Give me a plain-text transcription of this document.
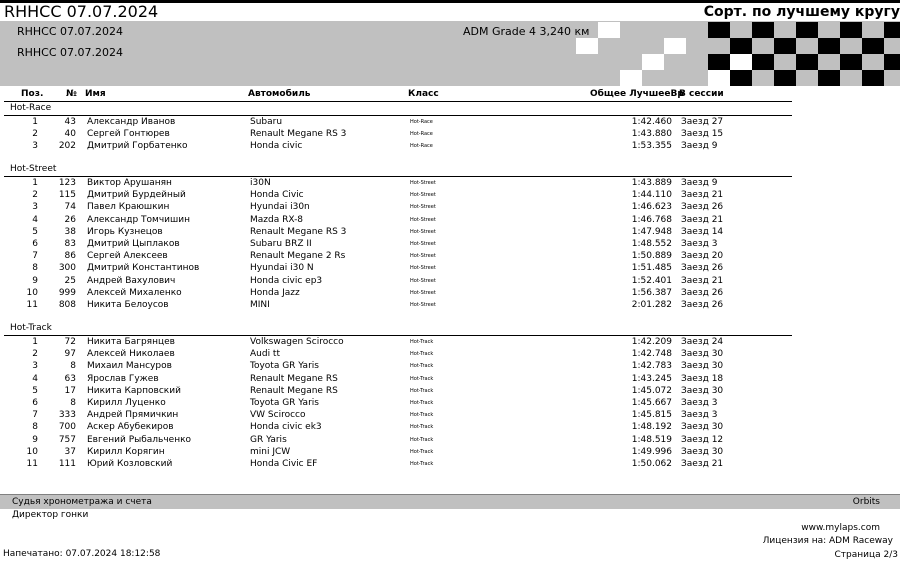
RHHCC 07.07.2024	Сорт. по лучшему кругу
RHHCC 07.07.2024
RHHCC 07.07.2024
ADM Grade 4 3,240 км
Поз.	№ Имя	Автомобиль	Класс	Общее ЛучшееВр
В сессии
Hot-Race
1	43 Александр Иванов	Subaru	Hot-Race	1:42.460 Заезд 27
2	40 Сергей Гонтюрев	Renault Megane RS 3	Hot-Race	1:43.880 Заезд 15
3	202 Дмитрий Горбатенко	Honda civic	Hot-Race	1:53.355 Заезд 9
Hot-Street
1	123 Виктор Арушанян	i30N	Hot-Street	1:43.889 Заезд 9
2	115 Дмитрий Бурдейный	Honda Civic	Hot-Street	1:44.110 Заезд 21
3	74 Павел Краюшкин	Hyundai i30n	Hot-Street	1:46.623 Заезд 26
4	26 Александр Томчишин	Mazda RX-8	Hot-Street	1:46.768 Заезд 21
5	38 Игорь Кузнецов	Renault Megane RS 3	Hot-Street	1:47.948 Заезд 14
6	83 Дмитрий Цыплаков	Subaru BRZ II	Hot-Street	1:48.552 Заезд 3
7	86 Сергей Алексеев	Renault Megane 2 Rs	Hot-Street	1:50.889 Заезд 20
8	300 Дмитрий Константинов	Hyundai i30 N	Hot-Street	1:51.485 Заезд 26
9	25 Андрей Вахулович	Honda civic ep3	Hot-Street	1:52.401 Заезд 21
10	999 Алексей Михаленко	Honda Jazz	Hot-Street	1:56.387 Заезд 26
11	808 Никита Белоусов	MINI	Hot-Street	2:01.282 Заезд 26
Hot-Track
1	72 Никита Багрянцев	Volkswagen Scirocco	Hot-Track	1:42.209 Заезд 24
2	97 Алексей Николаев	Audi tt	Hot-Track	1:42.748 Заезд 30
3	8 Михаил Мансуров	Toyota GR Yaris	Hot-Track	1:42.783 Заезд 30
4	63 Ярослав Гужев	Renault Megane RS	Hot-Track	1:43.245 Заезд 18
5	17 Никита Карповский	Renault Megane RS	Hot-Track	1:45.072 Заезд 30
6	8 Кирилл Луценко	Toyota GR Yaris	Hot-Track	1:45.667 Заезд 3
7	333 Андрей Прямичкин	VW Scirocco	Hot-Track	1:45.815 Заезд 3
8	700 Аскер Абубекиров	Honda civic ek3	Hot-Track	1:48.192 Заезд 30
9	757 Евгений Рыбальченко	GR Yaris	Hot-Track	1:48.519 Заезд 12
10	37 Кирилл Корягин	mini JCW	Hot-Track	1:49.996 Заезд 30
11	111 Юрий Козловский	Honda Civic EF	Hot-Track	1:50.062 Заезд 21
Судья хронометража и счета	Orbits
Директор гонки
www.mylaps.com
Лицензия на: ADM Raceway
Напечатано: 07.07.2024 18:12:58	Страница 2/3
